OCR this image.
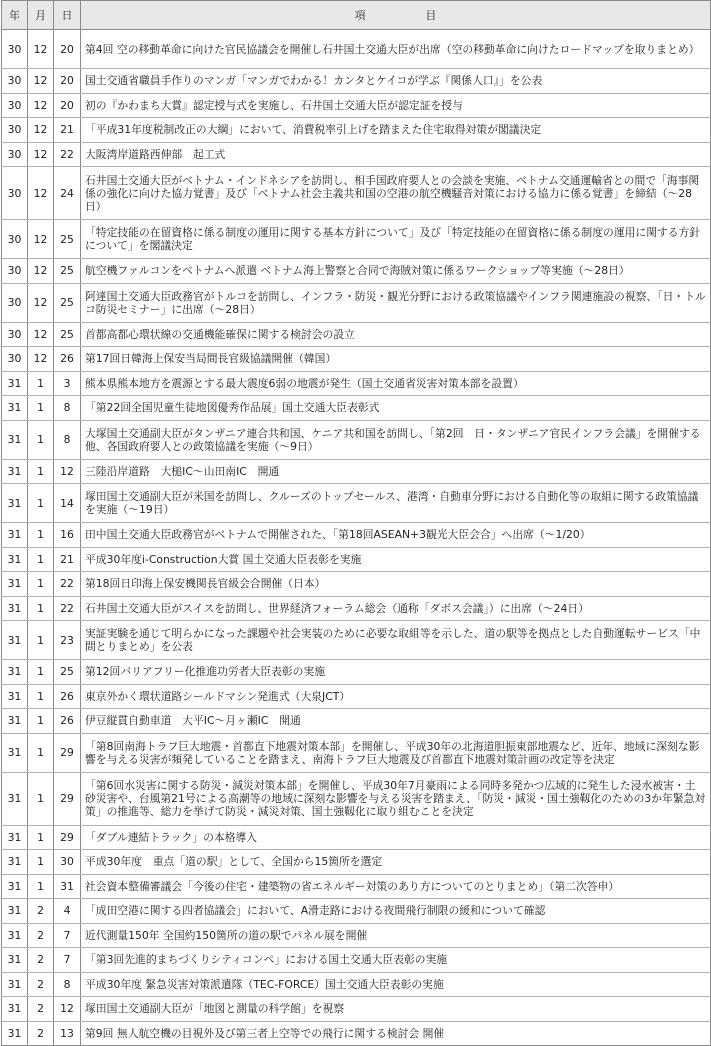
年	月	日	項目
30	12	20	第4回 空の移動革命に向けた官民協議会を開催し石井国土交通大臣が出席（空の移動革命に向けたロードマップを取りまとめ）
30	12	20	国土交通省職員手作りのマンガ「マンガでわかる！カンタとケイコが学ぶ『関係人口』」を公表
30	12	20	初の『かわまち大賞』認定授与式を実施し、石井国土交通大臣が認定証を授与
30	12	21	「平成31年度税制改正の大綱」において、消費税率引上げを踏まえた住宅取得対策が閣議決定
30	12	22	大阪湾岸道路西伸部　起工式
30	12	24	石井国土交通大臣がベトナム・インドネシアを訪問し、相手国政府要人との会談を実施、ベトナム交通運輸省との間で「海事関係の強化に向けた協力覚書」及び「ベトナム社会主義共和国の空港の航空機騒音対策における協力に係る覚書」を締結（～28日）
30	12	25	「特定技能の在留資格に係る制度の運用に関する基本方針について」及び「特定技能の在留資格に係る制度の運用に関する方針について」を閣議決定
30	12	25	航空機ファルコンをベトナムへ派遣 ベトナム海上警察と合同で海賊対策に係るワークショップ等実施（～28日）
30	12	25	阿達国土交通大臣政務官がトルコを訪問し、インフラ・防災・観光分野における政策協議やインフラ関連施設の視察、「日・トルコ防災セミナー」に出席（～28日）
30	12	25	首都高都心環状線の交通機能確保に関する検討会の設立
30	12	26	第17回日韓海上保安当局間長官級協議開催（韓国）
31	1	3	熊本県熊本地方を震源とする最大震度6弱の地震が発生（国土交通省災害対策本部を設置）
31	1	8	「第22回全国児童生徒地図優秀作品展」国土交通大臣表彰式
31	1	8	大塚国土交通副大臣がタンザニア連合共和国、ケニア共和国を訪問し、「第2回　日・タンザニア官民インフラ会議」を開催する他、各国政府要人との政策協議を実施（～9日）
31	1	12	三陸沿岸道路　大槌IC～山田南IC　開通
31	1	14	塚田国土交通副大臣が米国を訪問し、クルーズのトップセールス、港湾・自動車分野における自動化等の取組に関する政策協議を実施（～19日）
31	1	16	田中国土交通大臣政務官がベトナムで開催された、「第18回ASEAN+3観光大臣会合」へ出席（～1/20）
31	1	21	平成30年度i-Construction大賞 国土交通大臣表彰を実施
31	1	22	第18回日印海上保安機関長官級会合開催（日本）
31	1	22	石井国土交通大臣がスイスを訪問し、世界経済フォーラム総会（通称「ダボス会議」）に出席（～24日）
31	1	23	実証実験を通じて明らかになった課題や社会実装のために必要な取組等を示した、道の駅等を拠点とした自動運転サービス「中間とりまとめ」を公表
31	1	25	第12回バリアフリー化推進功労者大臣表彰の実施
31	1	26	東京外かく環状道路シールドマシン発進式（大泉JCT）
31	1	26	伊豆縦貫自動車道　大平IC～月ヶ瀬IC　開通
31	1	29	「第8回南海トラフ巨大地震・首都直下地震対策本部」を開催し、平成30年の北海道胆振東部地震など、近年、地域に深刻な影響を与える災害が頻発していることを踏まえ、南海トラフ巨大地震及び首都直下地震対策計画の改定等を決定
31	1	29	「第6回水災害に関する防災・減災対策本部」を開催し、平成30年7月豪雨による同時多発かつ広域的に発生した浸水被害・土砂災害や、台風第21号による高潮等の地域に深刻な影響を与える災害を踏まえ、「防災・減災・国土強靱化のための3か年緊急対策」の推進等、総力を挙げて防災・減災対策、国土強靱化に取り組むことを決定
31	1	29	「ダブル連結トラック」の本格導入
31	1	30	平成30年度　重点「道の駅」として、全国から15箇所を選定
31	1	31	社会資本整備審議会「今後の住宅・建築物の省エネルギー対策のあり方についてのとりまとめ」（第二次答申）
31	2	4	「成田空港に関する四者協議会」において、A滑走路における夜間飛行制限の緩和について確認
31	2	7	近代測量150年 全国約150箇所の道の駅でパネル展を開催
31	2	7	「第3回先進的まちづくりシティコンペ」における国土交通大臣表彰の実施
31	2	8	平成30年度 緊急災害対策派遣隊（TEC-FORCE）国土交通大臣表彰の実施
31	2	12	塚田国土交通副大臣が「地図と測量の科学館」を視察
31	2	13	第9回 無人航空機の目視外及び第三者上空等での飛行に関する検討会 開催
